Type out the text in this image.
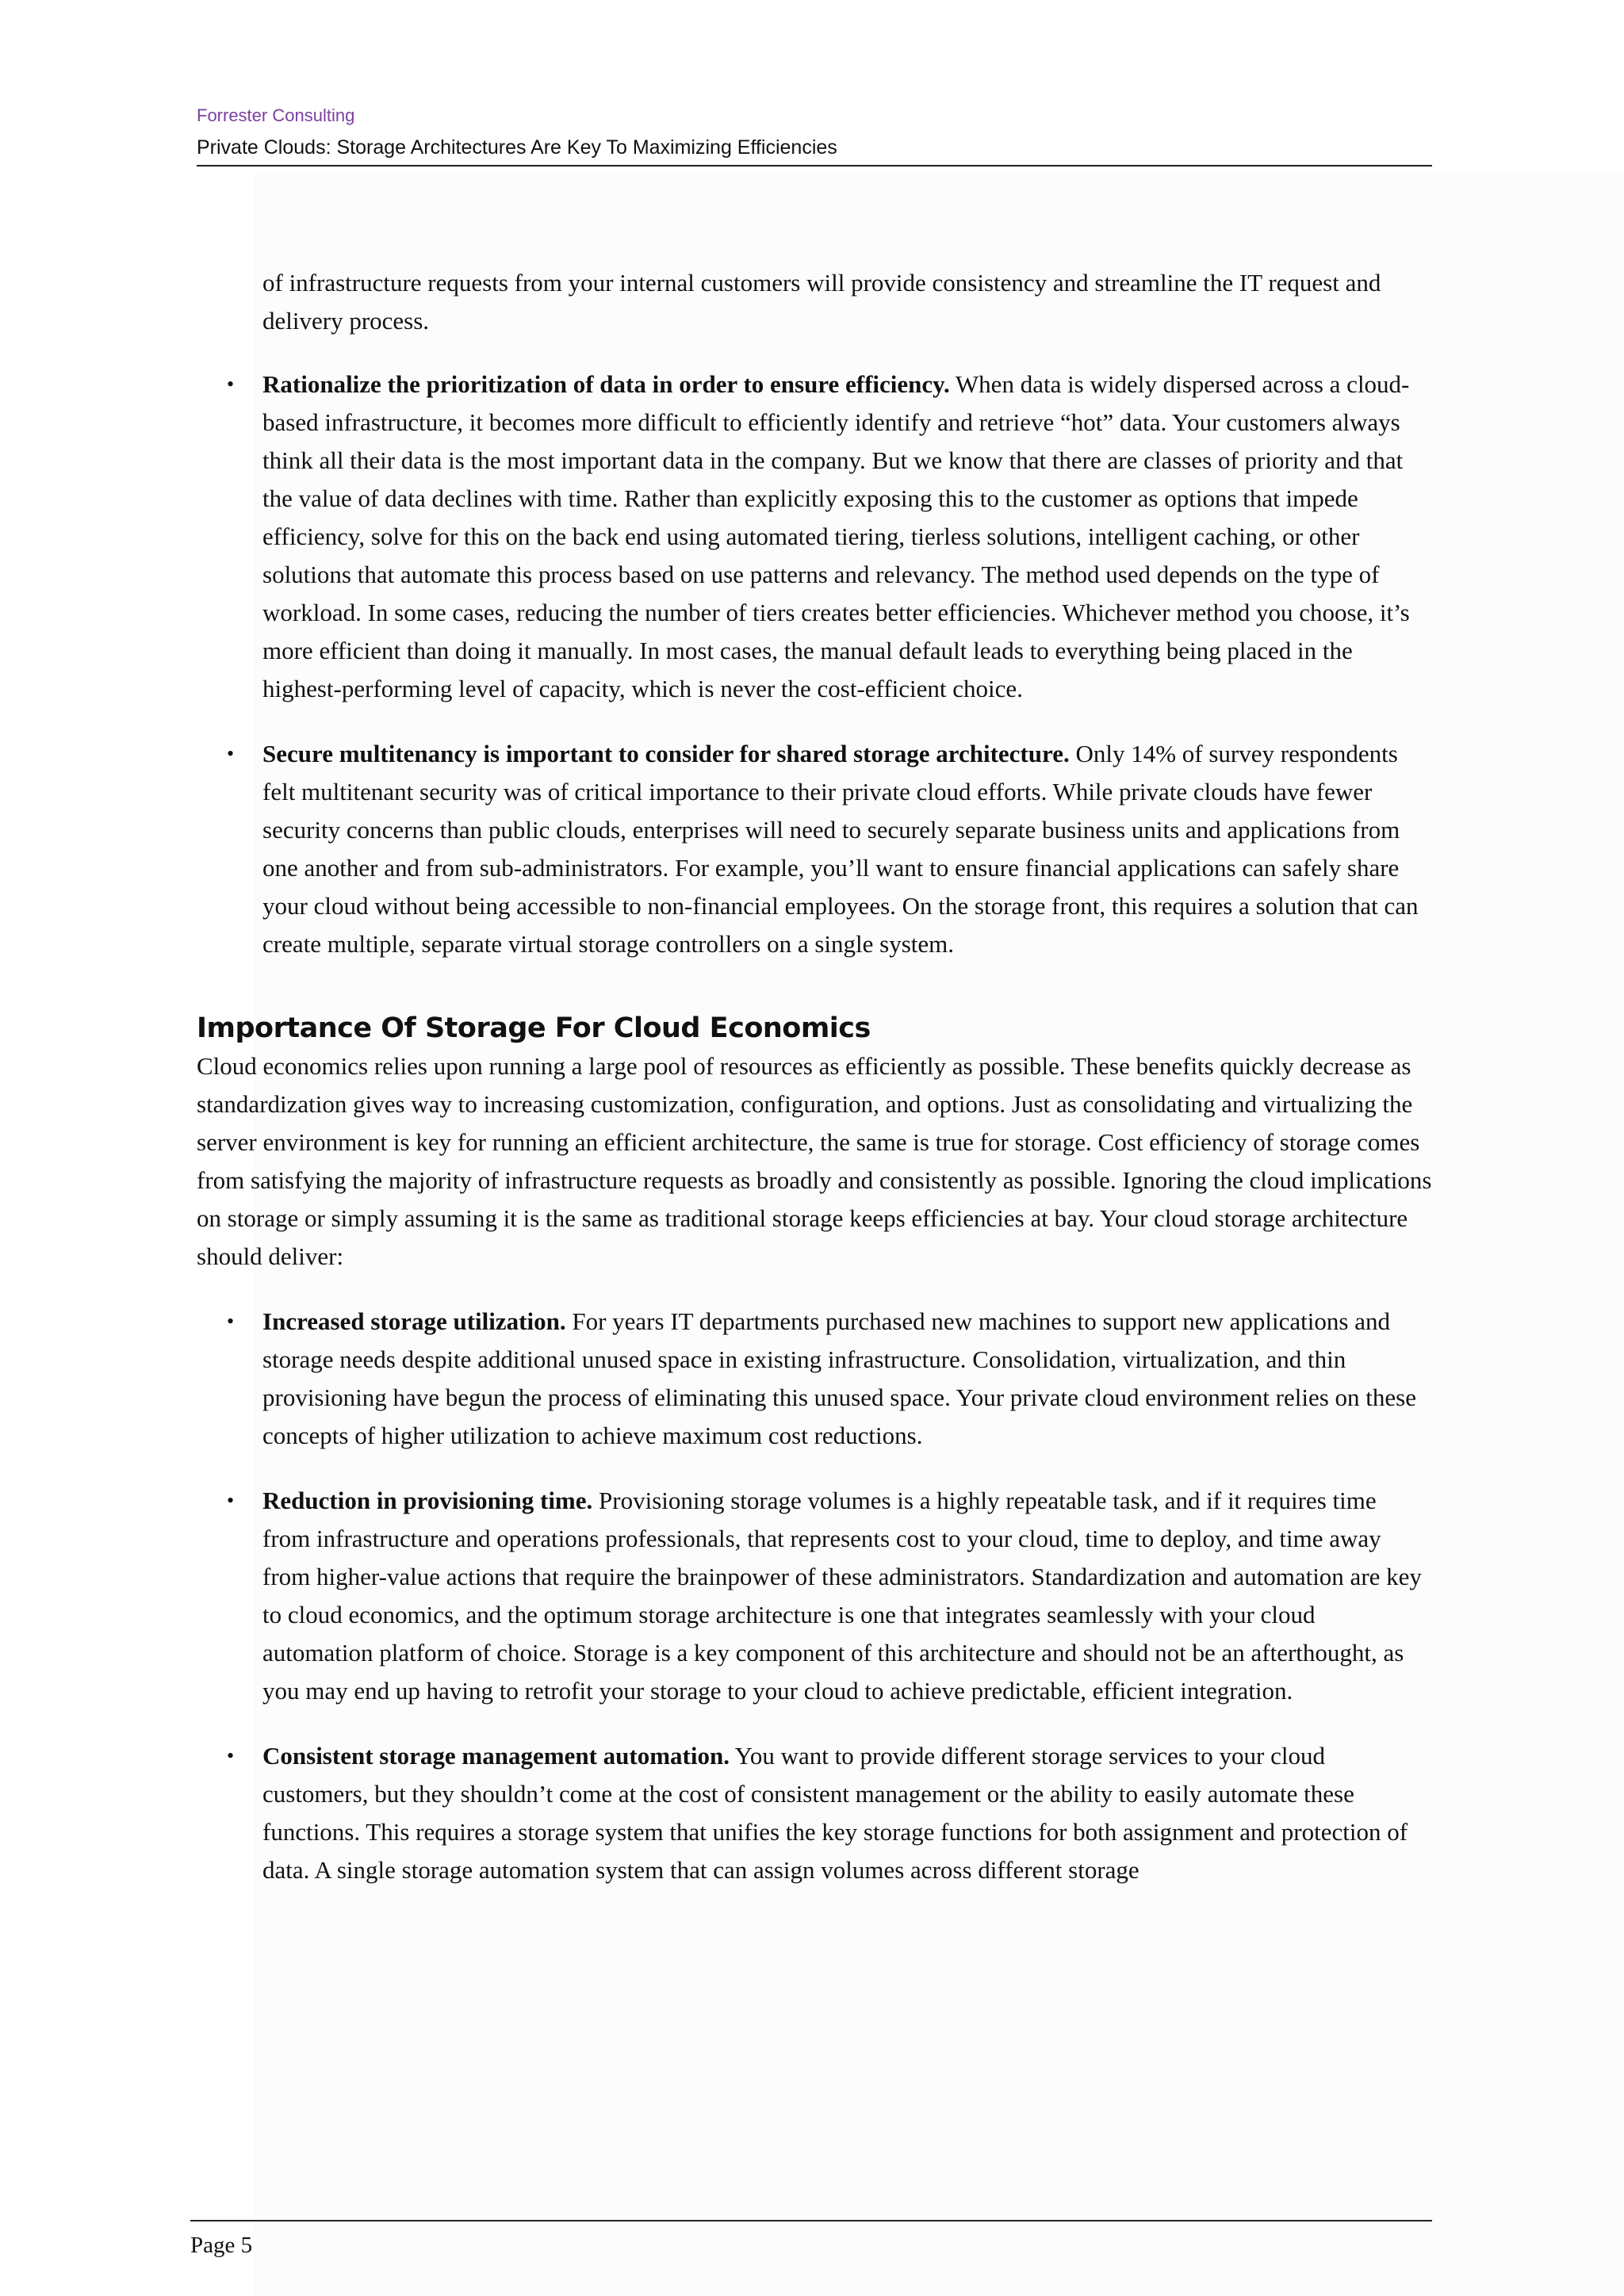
Forrester Consulting
Private Clouds: Storage Architectures Are Key To Maximizing Efficiencies

of infrastructure requests from your internal customers will provide consistency and streamline the IT request and delivery process.

• Rationalize the prioritization of data in order to ensure efficiency. When data is widely dispersed across a cloud-based infrastructure, it becomes more difficult to efficiently identify and retrieve “hot” data. Your customers always think all their data is the most important data in the company. But we know that there are classes of priority and that the value of data declines with time. Rather than explicitly exposing this to the customer as options that impede efficiency, solve for this on the back end using automated tiering, tierless solutions, intelligent caching, or other solutions that automate this process based on use patterns and relevancy. The method used depends on the type of workload. In some cases, reducing the number of tiers creates better efficiencies. Whichever method you choose, it’s more efficient than doing it manually. In most cases, the manual default leads to everything being placed in the highest-performing level of capacity, which is never the cost-efficient choice.
• Secure multitenancy is important to consider for shared storage architecture. Only 14% of survey respondents felt multitenant security was of critical importance to their private cloud efforts. While private clouds have fewer security concerns than public clouds, enterprises will need to securely separate business units and applications from one another and from sub-administrators. For example, you’ll want to ensure financial applications can safely share your cloud without being accessible to non-financial employees. On the storage front, this requires a solution that can create multiple, separate virtual storage controllers on a single system.
Importance Of Storage For Cloud Economics

Cloud economics relies upon running a large pool of resources as efficiently as possible. These benefits quickly decrease as standardization gives way to increasing customization, configuration, and options. Just as consolidating and virtualizing the server environment is key for running an efficient architecture, the same is true for storage. Cost efficiency of storage comes from satisfying the majority of infrastructure requests as broadly and consistently as possible. Ignoring the cloud implications on storage or simply assuming it is the same as traditional storage keeps efficiencies at bay. Your cloud storage architecture should deliver:

• Increased storage utilization. For years IT departments purchased new machines to support new applications and storage needs despite additional unused space in existing infrastructure. Consolidation, virtualization, and thin provisioning have begun the process of eliminating this unused space. Your private cloud environment relies on these concepts of higher utilization to achieve maximum cost reductions.
• Reduction in provisioning time. Provisioning storage volumes is a highly repeatable task, and if it requires time from infrastructure and operations professionals, that represents cost to your cloud, time to deploy, and time away from higher-value actions that require the brainpower of these administrators. Standardization and automation are key to cloud economics, and the optimum storage architecture is one that integrates seamlessly with your cloud automation platform of choice. Storage is a key component of this architecture and should not be an afterthought, as you may end up having to retrofit your storage to your cloud to achieve predictable, efficient integration.
• Consistent storage management automation. You want to provide different storage services to your cloud customers, but they shouldn’t come at the cost of consistent management or the ability to easily automate these functions. This requires a storage system that unifies the key storage functions for both assignment and protection of data. A single storage automation system that can assign volumes across different storage
Page 5
